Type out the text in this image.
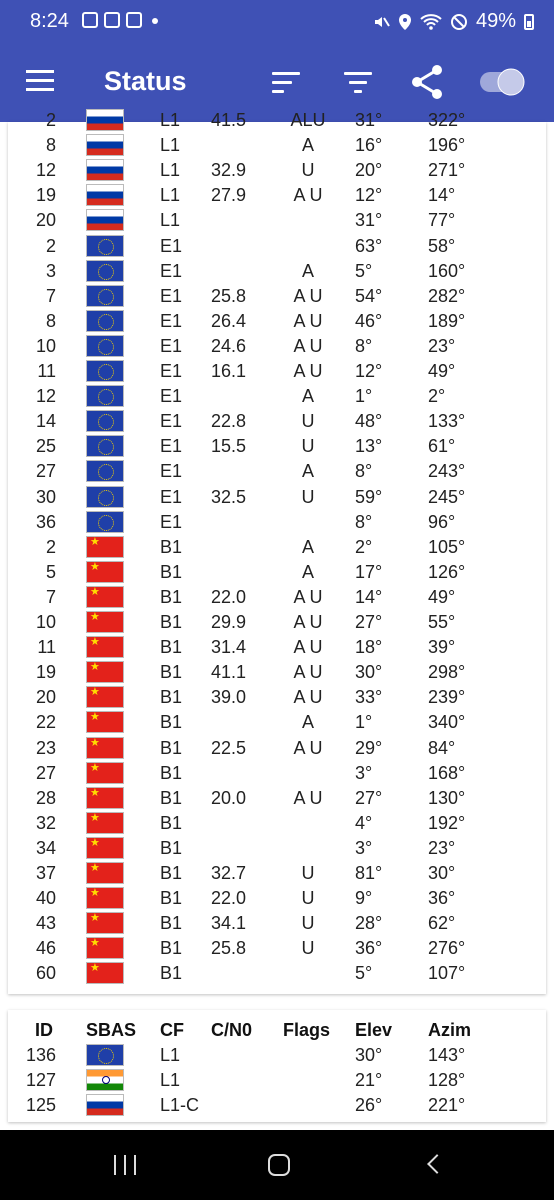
8:24	49%
Status
2	L1 41.5	ALU	31°	322°
8	L1	A	16°	196°
12	L1 32.9	U	20°	271°
19	L1 27.9	A U	12°	14°
20	L1	31°	77°
2	E1	63°	58°
3	E1	A	5°	160°
7	E1 25.8	A U	54°	282°
8	E1 26.4	A U	46°	189°
10	E1 24.6	A U	8°	23°
11	E1 16.1	A U	12°	49°
12	E1	A	1°	2°
14	E1 22.8	U	48°	133°
25	E1 15.5	U	13°	61°
27	E1	A	8°	243°
30	E1 32.5	U	59°	245°
36	E1	8°	96°
2 ★	B1	A	2°	105°
5 ★	B1	A	17°	126°
7 ★	B1 22.0	A U	14°	49°
10 ★	B1 29.9	A U	27°	55°
11 ★	B1 31.4	A U	18°	39°
19 ★	B1 41.1	A U	30°	298°
20 ★	B1 39.0	A U	33°	239°
22 ★	B1	A	1°	340°
23 ★	B1 22.5	A U	29°	84°
27 ★	B1	3°	168°
28 ★	B1 20.0	A U	27°	130°
32 ★	B1	4°	192°
34 ★	B1	3°	23°
37 ★	B1 32.7	U	81°	30°
40 ★	B1 22.0	U	9°	36°
43 ★	B1 34.1	U	28°	62°
46 ★	B1 25.8	U	36°	276°
60 ★	B1	5°	107°
ID SBAS CF C/N0 Flags Elev Azim
136	L1	30°	143°
127	L1	21°	128°
125	L1-C	26°	221°
